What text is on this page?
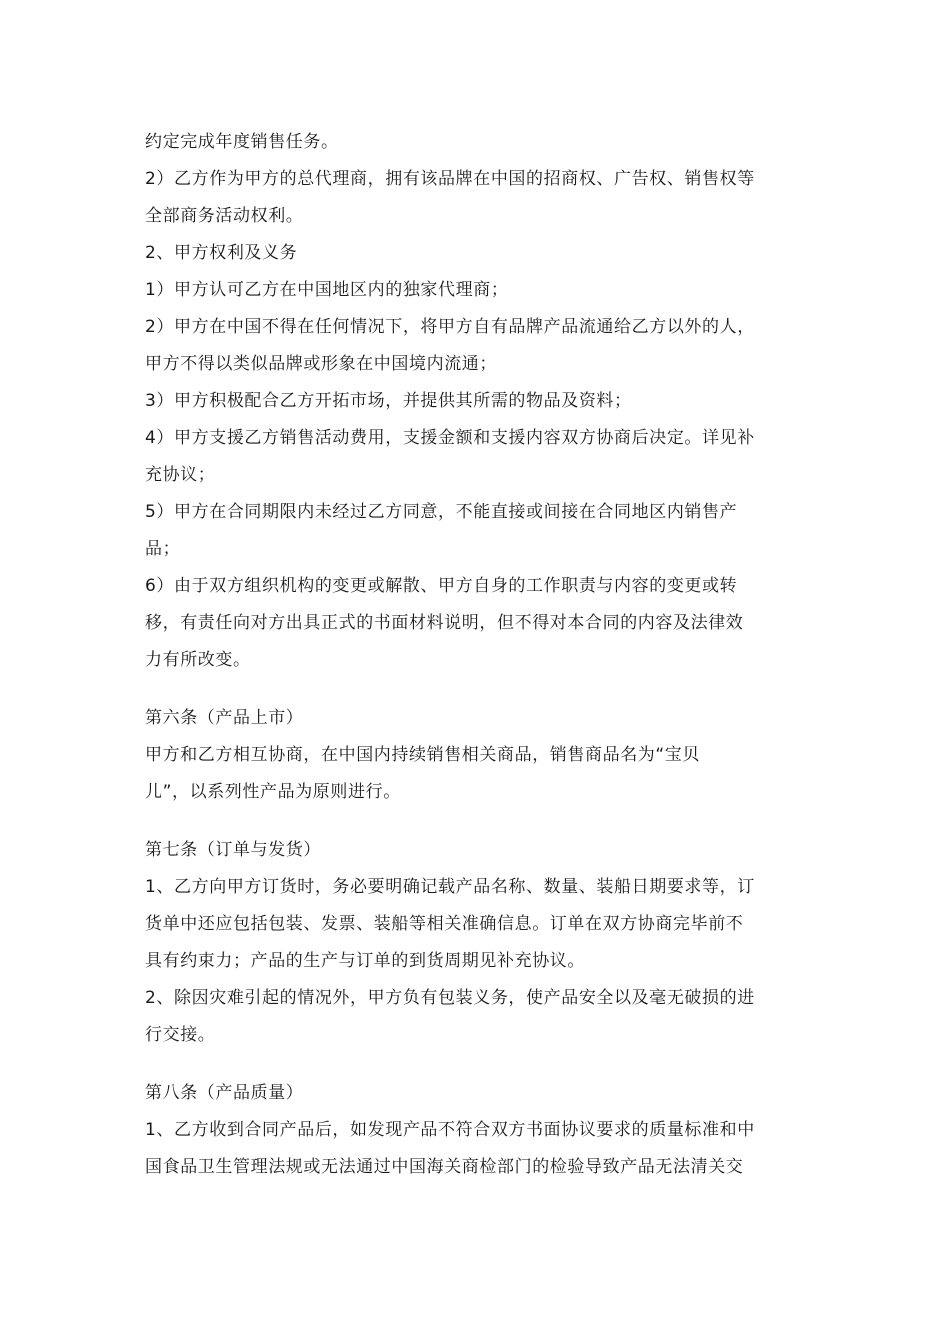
约定完成年度销售任务。
2）乙方作为甲方的总代理商，拥有该品牌在中国的招商权、广告权、销售权等
全部商务活动权利。
2、甲方权利及义务
1）甲方认可乙方在中国地区内的独家代理商；
2）甲方在中国不得在任何情况下，将甲方自有品牌产品流通给乙方以外的人，
甲方不得以类似品牌或形象在中国境内流通；
3）甲方积极配合乙方开拓市场，并提供其所需的物品及资料；
4）甲方支援乙方销售活动费用，支援金额和支援内容双方协商后决定。详见补
充协议；
5）甲方在合同期限内未经过乙方同意，不能直接或间接在合同地区内销售产
品；
6）由于双方组织机构的变更或解散、甲方自身的工作职责与内容的变更或转
移，有责任向对方出具正式的书面材料说明，但不得对本合同的内容及法律效
力有所改变。
第六条（产品上市）
甲方和乙方相互协商，在中国内持续销售相关商品，销售商品名为“宝贝
儿”，以系列性产品为原则进行。
第七条（订单与发货）
1、乙方向甲方订货时，务必要明确记载产品名称、数量、装船日期要求等，订
货单中还应包括包装、发票、装船等相关准确信息。订单在双方协商完毕前不
具有约束力；产品的生产与订单的到货周期见补充协议。
2、除因灾难引起的情况外，甲方负有包装义务，使产品安全以及毫无破损的进
行交接。
第八条（产品质量）
1、乙方收到合同产品后，如发现产品不符合双方书面协议要求的质量标准和中
国食品卫生管理法规或无法通过中国海关商检部门的检验导致产品无法清关交
